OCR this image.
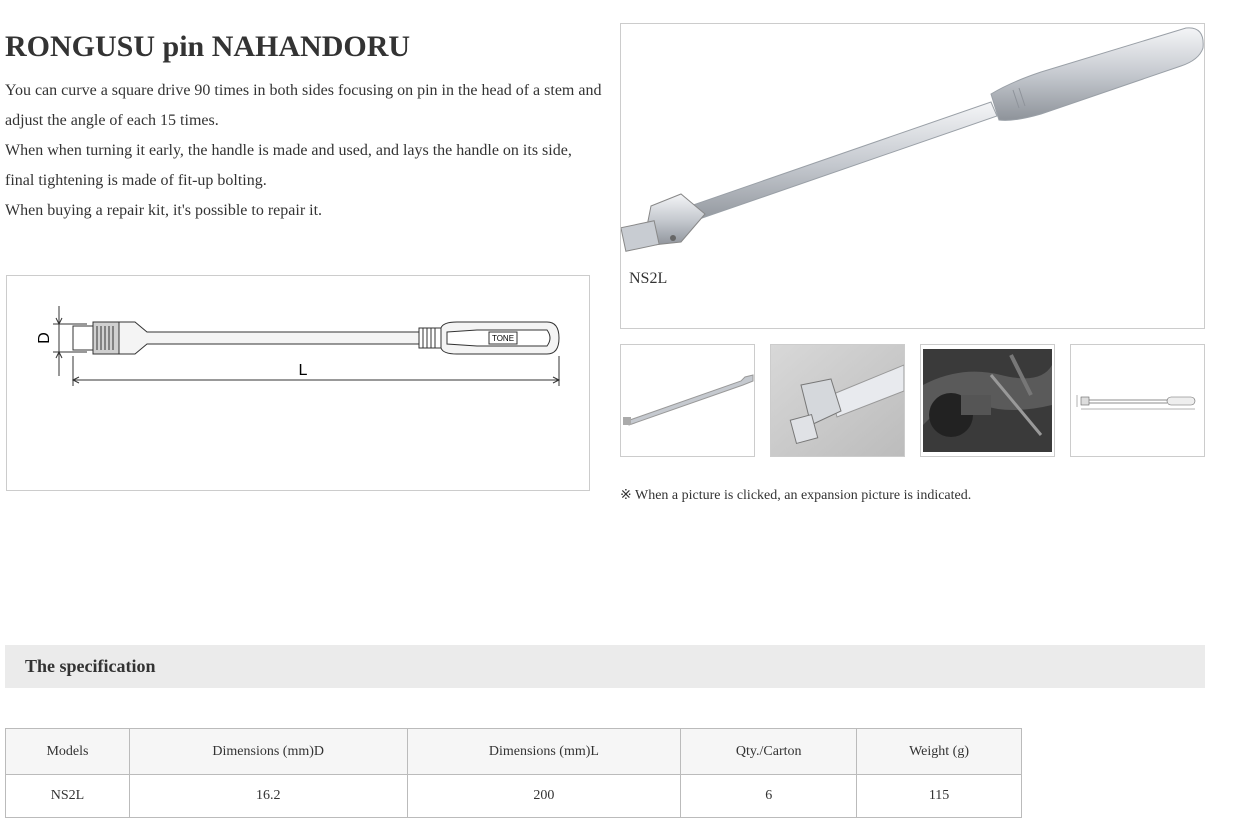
RONGUSU pin NAHANDORU

You can curve a square drive 90 times in both sides focusing on pin in the head of a stem and adjust the angle of each 15 times.

When when turning it early, the handle is made and used, and lays the handle on its side, final tightening is made of fit-up bolting.

When buying a repair kit, it's possible to repair it.

D	TONE
L
NS2L
※ When a picture is clicked, an expansion picture is indicated.
The specification
Models	Dimensions (mm)D	Dimensions (mm)L	Qty./Carton	Weight (g)
NS2L	16.2	200	6	115
